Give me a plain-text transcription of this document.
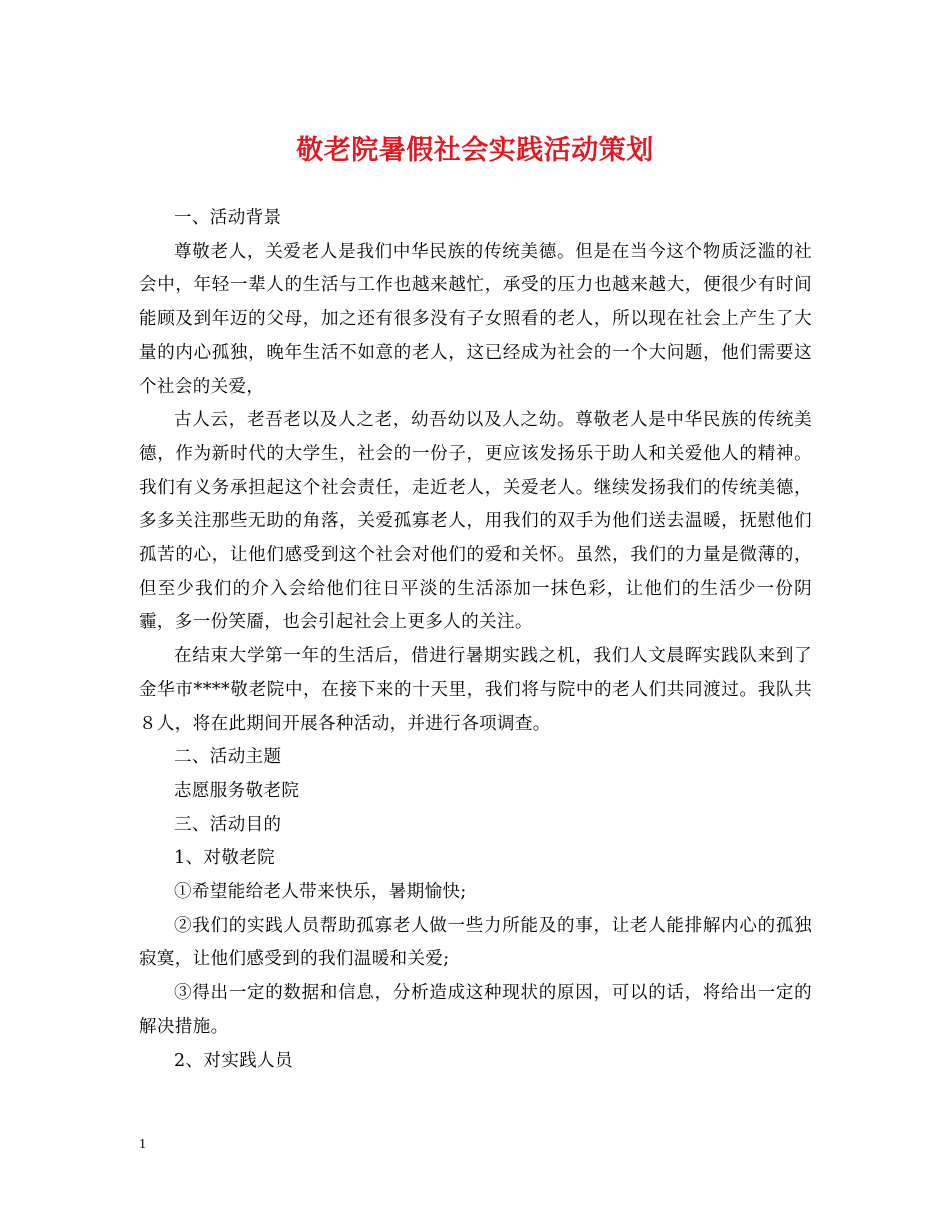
敬老院暑假社会实践活动策划

一、活动背景

尊敬老人，关爱老人是我们中华民族的传统美德。但是在当今这个物质泛滥的社会中，年轻一辈人的生活与工作也越来越忙，承受的压力也越来越大，便很少有时间能顾及到年迈的父母，加之还有很多没有子女照看的老人，所以现在社会上产生了大量的内心孤独，晚年生活不如意的老人，这已经成为社会的一个大问题，他们需要这个社会的关爱，

古人云，老吾老以及人之老，幼吾幼以及人之幼。尊敬老人是中华民族的传统美德，作为新时代的大学生，社会的一份子，更应该发扬乐于助人和关爱他人的精神。我们有义务承担起这个社会责任，走近老人，关爱老人。继续发扬我们的传统美德，多多关注那些无助的角落，关爱孤寡老人，用我们的双手为他们送去温暖，抚慰他们孤苦的心，让他们感受到这个社会对他们的爱和关怀。虽然，我们的力量是微薄的，但至少我们的介入会给他们往日平淡的生活添加一抹色彩，让他们的生活少一份阴霾，多一份笑靥，也会引起社会上更多人的关注。

在结束大学第一年的生活后，借进行暑期实践之机，我们人文晨晖实践队来到了金华市****敬老院中，在接下来的十天里，我们将与院中的老人们共同渡过。我队共８人，将在此期间开展各种活动，并进行各项调查。

二、活动主题

志愿服务敬老院

三、活动目的

1、对敬老院

①希望能给老人带来快乐，暑期愉快;

②我们的实践人员帮助孤寡老人做一些力所能及的事，让老人能排解内心的孤独寂寞，让他们感受到的我们温暖和关爱;

③得出一定的数据和信息，分析造成这种现状的原因，可以的话，将给出一定的解决措施。

2、对实践人员

1
